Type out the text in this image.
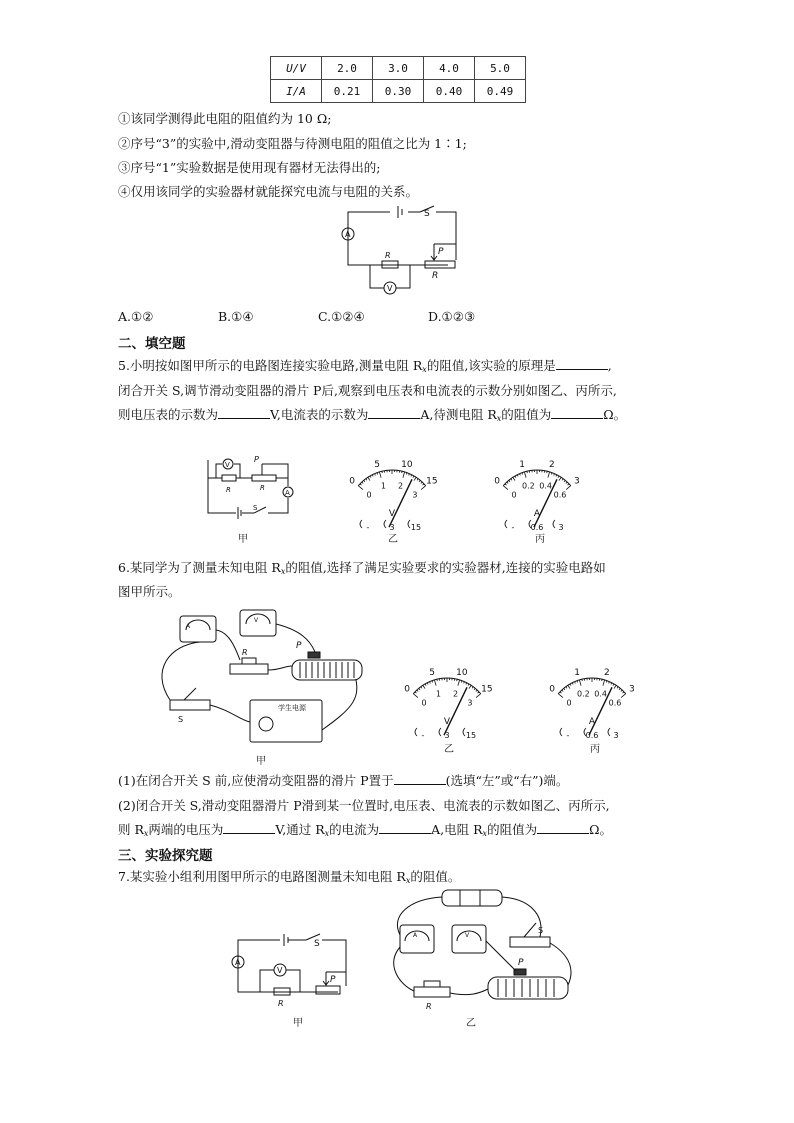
U/V	2.0	3.0	4.0	5.0
I/A	0.21	0.30	0.40	0.49
①该同学测得此电阻的阻值约为 10 Ω;
②序号“3”的实验中,滑动变阻器与待测电阻的阻值之比为 1∶1;
③序号“1”实验数据是使用现有器材无法得出的;
④仅用该同学的实验器材就能探究电流与电阻的关系。
A
V
S
R
R
P
A.①②	B.①④	C.①②④	D.①②③
二、填空题
5.小明按如图甲所示的电路图连接实验电路,测量电阻 $R_x$的阻值,该实验的原理是	,
闭合开关 S,调节滑动变阻器的滑片 P后,观察到电压表和电流表的示数分别如图乙、丙所示,
则电压表的示数为	V,电流表的示数为	A,待测电阻 $R_x$的阻值为	Ω。
V
A
R
P
R
S
甲
0
5 10
15
0
1 2
3
V
-	3 15
乙
0
1	2
3
0
0.2 0.4
0.6
A
- 0.6 3
丙
6.某同学为了测量未知电阻 $R_x$的阻值,选择了满足实验要求的实验器材,连接的实验电路如
图甲所示。
P
R
S
学生电源
A
V
甲
0
5 10
15
0
1 2
3
V
-	3 15
乙
0
1	2
3
0
0.2 0.4
0.6
A
- 0.6 3
丙
(1)在闭合开关 S 前,应使滑动变阻器的滑片 P置于	(选填“左”或“右”)端。
(2)闭合开关 S,滑动变阻器滑片 P滑到某一位置时,电压表、电流表的示数如图乙、丙所示,
则 $R_x$两端的电压为	V,通过 $R_x$的电流为	A,电阻 $R_x$的阻值为	Ω。
三、实验探究题
7.某实验小组利用图甲所示的电路图测量未知电阻 $R_x$的阻值。
A
V
S
R
P
甲
P
S
R
A	V
乙
